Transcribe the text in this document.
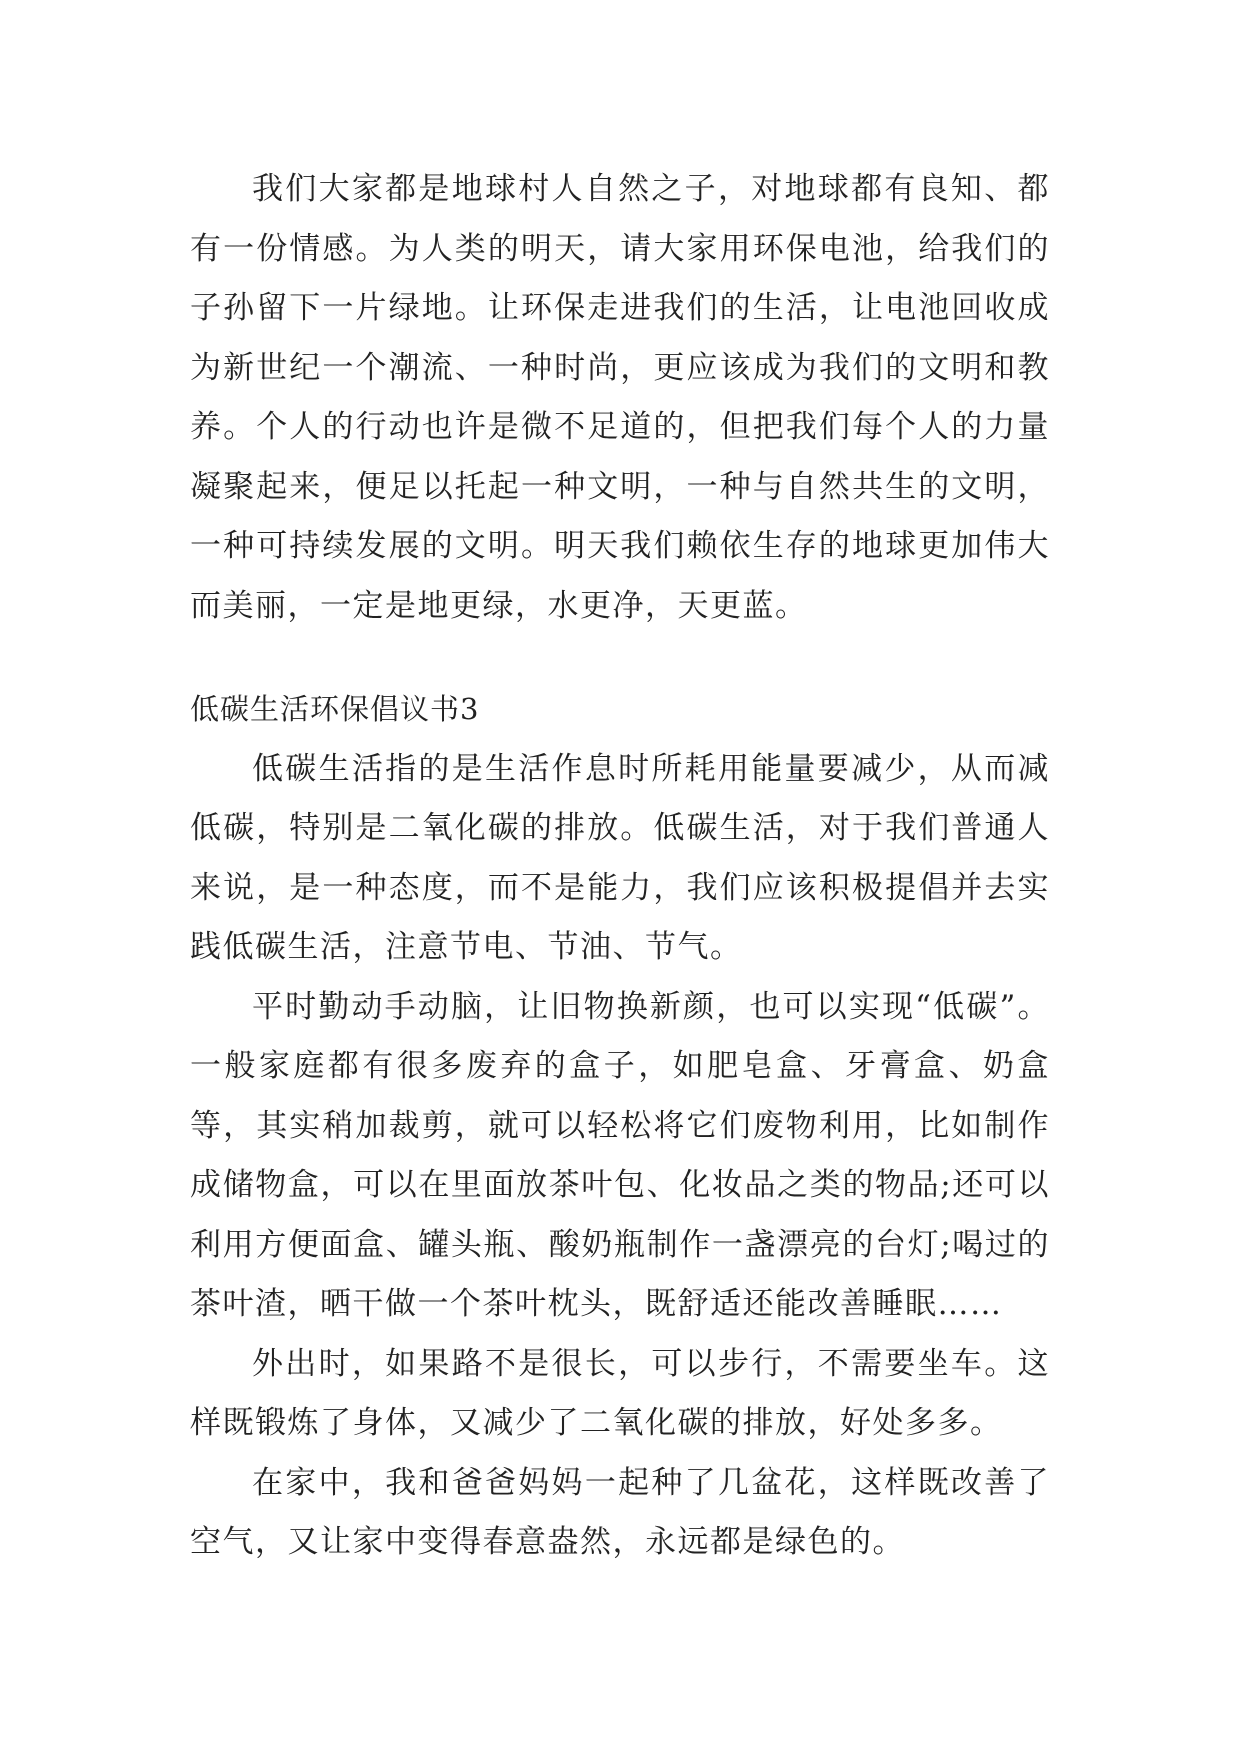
我们大家都是地球村人自然之子，对地球都有良知、都有一份情感。为人类的明天，请大家用环保电池，给我们的子孙留下一片绿地。让环保走进我们的生活，让电池回收成为新世纪一个潮流、一种时尚，更应该成为我们的文明和教养。个人的行动也许是微不足道的，但把我们每个人的力量凝聚起来，便足以托起一种文明，一种与自然共生的文明，一种可持续发展的文明。明天我们赖依生存的地球更加伟大而美丽，一定是地更绿，水更净，天更蓝。

低碳生活环保倡议书3

低碳生活指的是生活作息时所耗用能量要减少，从而减低碳，特别是二氧化碳的排放。低碳生活，对于我们普通人来说，是一种态度，而不是能力，我们应该积极提倡并去实践低碳生活，注意节电、节油、节气。

平时勤动手动脑，让旧物换新颜，也可以实现“低碳”。一般家庭都有很多废弃的盒子，如肥皂盒、牙膏盒、奶盒等，其实稍加裁剪，就可以轻松将它们废物利用，比如制作成储物盒，可以在里面放茶叶包、化妆品之类的物品;还可以利用方便面盒、罐头瓶、酸奶瓶制作一盏漂亮的台灯;喝过的茶叶渣，晒干做一个茶叶枕头，既舒适还能改善睡眠……

外出时，如果路不是很长，可以步行，不需要坐车。这样既锻炼了身体，又减少了二氧化碳的排放，好处多多。

在家中，我和爸爸妈妈一起种了几盆花，这样既改善了空气，又让家中变得春意盎然，永远都是绿色的。
